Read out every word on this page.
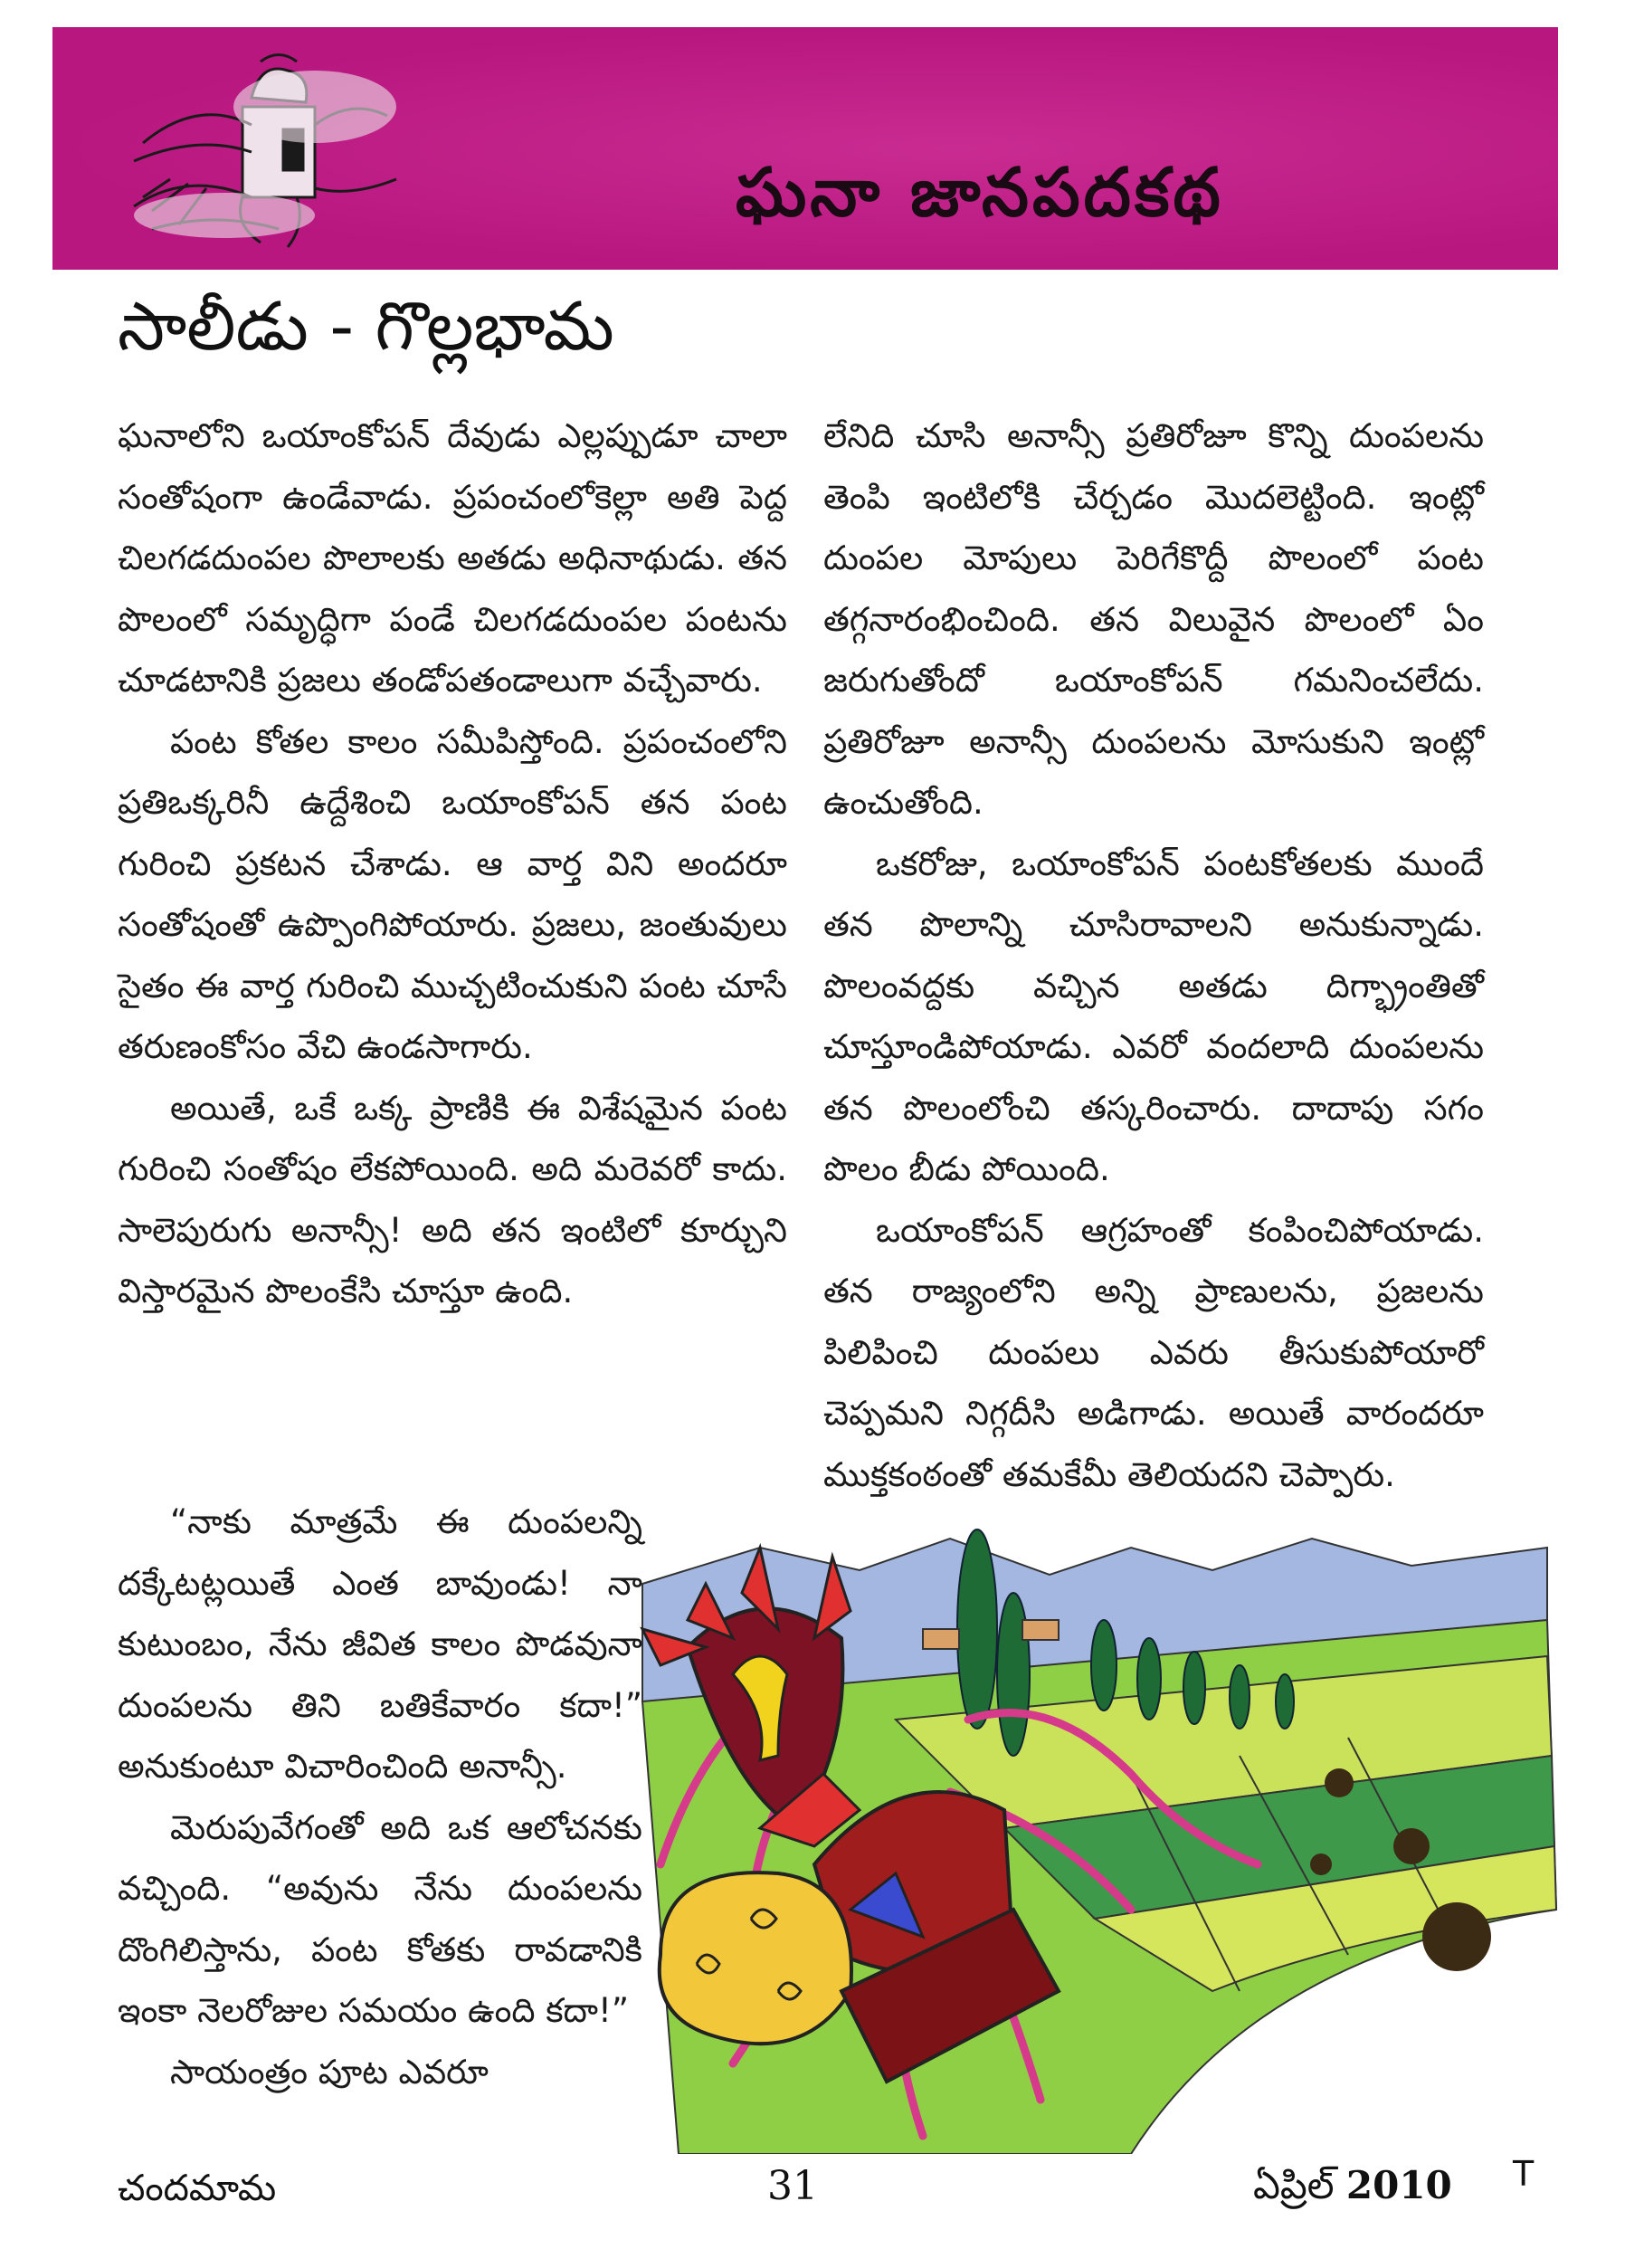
ఘనా జానపదకథ
సాలీడు - గొల్లభామ

ఘనాలోని ఒయాంకోపన్ దేవుడు ఎల్లప్పుడూ చాలా సంతోషంగా ఉండేవాడు. ప్రపంచంలోకెల్లా అతి పెద్ద చిలగడదుంపల పొలాలకు అతడు అధినాథుడు. తన పొలంలో సమృద్ధిగా పండే చిలగడదుంపల పంటను చూడటానికి ప్రజలు తండోపతండాలుగా వచ్చేవారు.

పంట కోతల కాలం సమీపిస్తోంది. ప్రపంచంలోని ప్రతిఒక్కరినీ ఉద్దేశించి ఒయాంకోపన్ తన పంట గురించి ప్రకటన చేశాడు. ఆ వార్త విని అందరూ సంతోషంతో ఉప్పొంగిపోయారు. ప్రజలు, జంతువులు సైతం ఈ వార్త గురించి ముచ్చటించుకుని పంట చూసే తరుణంకోసం వేచి ఉండసాగారు.

అయితే, ఒకే ఒక్క ప్రాణికి ఈ విశేషమైన పంట గురించి సంతోషం లేకపోయింది. అది మరెవరో కాదు. సాలెపురుగు అనాన్సీ! అది తన ఇంటిలో కూర్చుని విస్తారమైన పొలంకేసి చూస్తూ ఉంది.

లేనిది చూసి అనాన్సీ ప్రతిరోజూ కొన్ని దుంపలను తెంపి ఇంటిలోకి చేర్చడం మొదలెట్టింది. ఇంట్లో దుంపల మోపులు పెరిగేకొద్దీ పొలంలో పంట తగ్గనారంభించింది. తన విలువైన పొలంలో ఏం జరుగుతోందో ఒయాంకోపన్ గమనించలేదు. ప్రతిరోజూ అనాన్సీ దుంపలను మోసుకుని ఇంట్లో ఉంచుతోంది.

ఒకరోజు, ఒయాంకోపన్ పంటకోతలకు ముందే తన పొలాన్ని చూసిరావాలని అనుకున్నాడు. పొలంవద్దకు వచ్చిన అతడు దిగ్భ్రాంతితో చూస్తూండిపోయాడు. ఎవరో వందలాది దుంపలను తన పొలంలోంచి తస్కరించారు. దాదాపు సగం పొలం బీడు పోయింది.

ఒయాంకోపన్ ఆగ్రహంతో కంపించిపోయాడు. తన రాజ్యంలోని అన్ని ప్రాణులను, ప్రజలను పిలిపించి దుంపలు ఎవరు తీసుకుపోయారో చెప్పమని నిగ్గదీసి అడిగాడు. అయితే వారందరూ ముక్తకంఠంతో తమకేమీ తెలియదని చెప్పారు.

“నాకు మాత్రమే ఈ దుంపలన్ని దక్కేటట్లయితే ఎంత బావుండు! నా కుటుంబం, నేను జీవిత కాలం పొడవునా దుంపలను తిని బతికేవారం కదా!” అనుకుంటూ విచారించింది అనాన్సీ.

మెరుపువేగంతో అది ఒక ఆలోచనకు వచ్చింది. “అవును నేను దుంపలను దొంగిలిస్తాను, పంట కోతకు రావడానికి ఇంకా నెలరోజుల సమయం ఉంది కదా!”

సాయంత్రం పూట ఎవరూ

చందమామ	31	ఏప్రిల్ 2010 T
